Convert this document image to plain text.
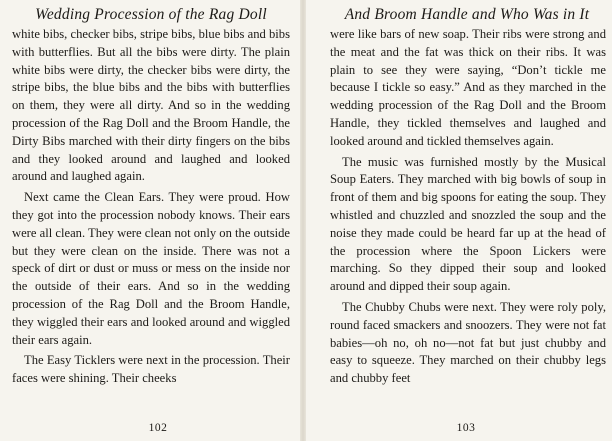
Wedding Procession of the Rag Doll

white bibs, checker bibs, stripe bibs, blue bibs and bibs with butterflies. But all the bibs were dirty. The plain white bibs were dirty, the checker bibs were dirty, the stripe bibs, the blue bibs and the bibs with butterflies on them, they were all dirty. And so in the wedding procession of the Rag Doll and the Broom Handle, the Dirty Bibs marched with their dirty fingers on the bibs and they looked around and laughed and looked around and laughed again.

Next came the Clean Ears. They were proud. How they got into the procession nobody knows. Their ears were all clean. They were clean not only on the outside but they were clean on the inside. There was not a speck of dirt or dust or muss or mess on the inside nor the outside of their ears. And so in the wedding procession of the Rag Doll and the Broom Handle, they wiggled their ears and looked around and wiggled their ears again.

The Easy Ticklers were next in the procession. Their faces were shining. Their cheeks

102
And Broom Handle and Who Was in It

were like bars of new soap. Their ribs were strong and the meat and the fat was thick on their ribs. It was plain to see they were saying, “Don’t tickle me because I tickle so easy.” And as they marched in the wedding procession of the Rag Doll and the Broom Handle, they tickled themselves and laughed and looked around and tickled themselves again.

The music was furnished mostly by the Musical Soup Eaters. They marched with big bowls of soup in front of them and big spoons for eating the soup. They whistled and chuzzled and snozzled the soup and the noise they made could be heard far up at the head of the procession where the Spoon Lickers were marching. So they dipped their soup and looked around and dipped their soup again.

The Chubby Chubs were next. They were roly poly, round faced smackers and snoozers. They were not fat babies—oh no, oh no—not fat but just chubby and easy to squeeze. They marched on their chubby legs and chubby feet

103
